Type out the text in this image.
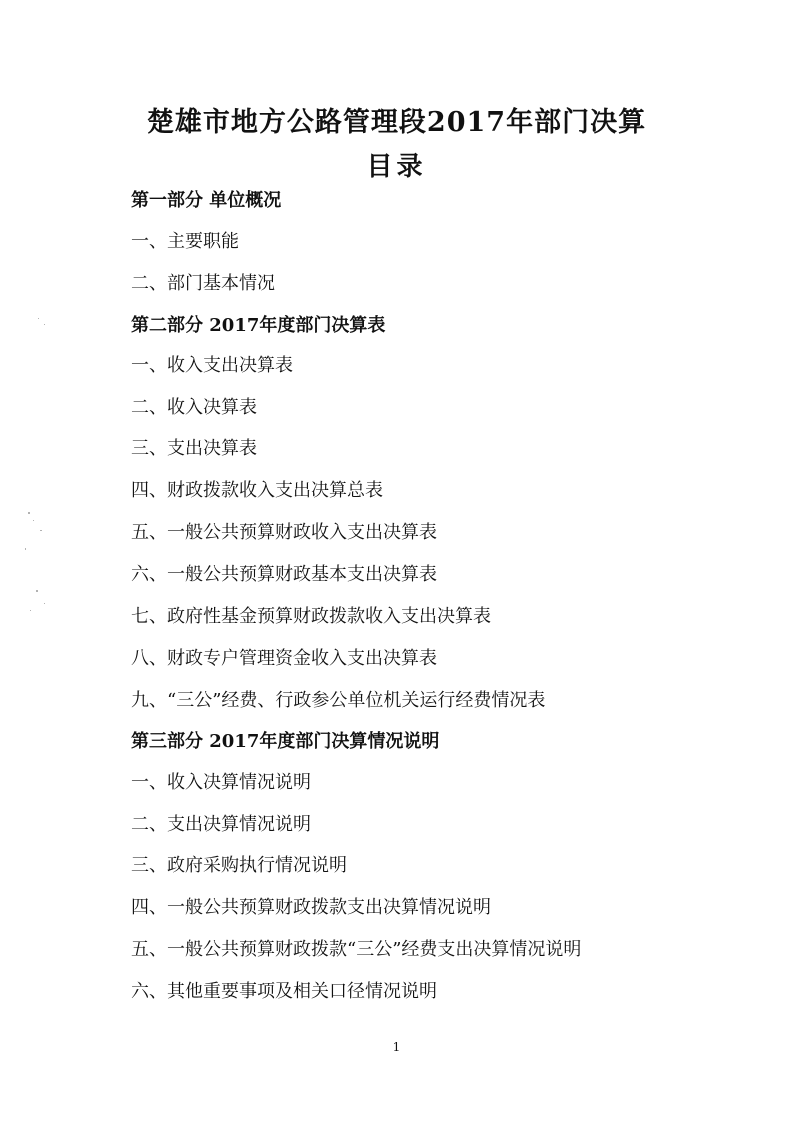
楚雄市地方公路管理段2017年部门决算
目录
第一部分 单位概况
一、主要职能
二、部门基本情况
第二部分 2017年度部门决算表
一、收入支出决算表
二、收入决算表
三、支出决算表
四、财政拨款收入支出决算总表
五、一般公共预算财政收入支出决算表
六、一般公共预算财政基本支出决算表
七、政府性基金预算财政拨款收入支出决算表
八、财政专户管理资金收入支出决算表
九、“三公”经费、行政参公单位机关运行经费情况表
第三部分 2017年度部门决算情况说明
一、收入决算情况说明
二、支出决算情况说明
三、政府采购执行情况说明
四、一般公共预算财政拨款支出决算情况说明
五、一般公共预算财政拨款“三公”经费支出决算情况说明
六、其他重要事项及相关口径情况说明
1
